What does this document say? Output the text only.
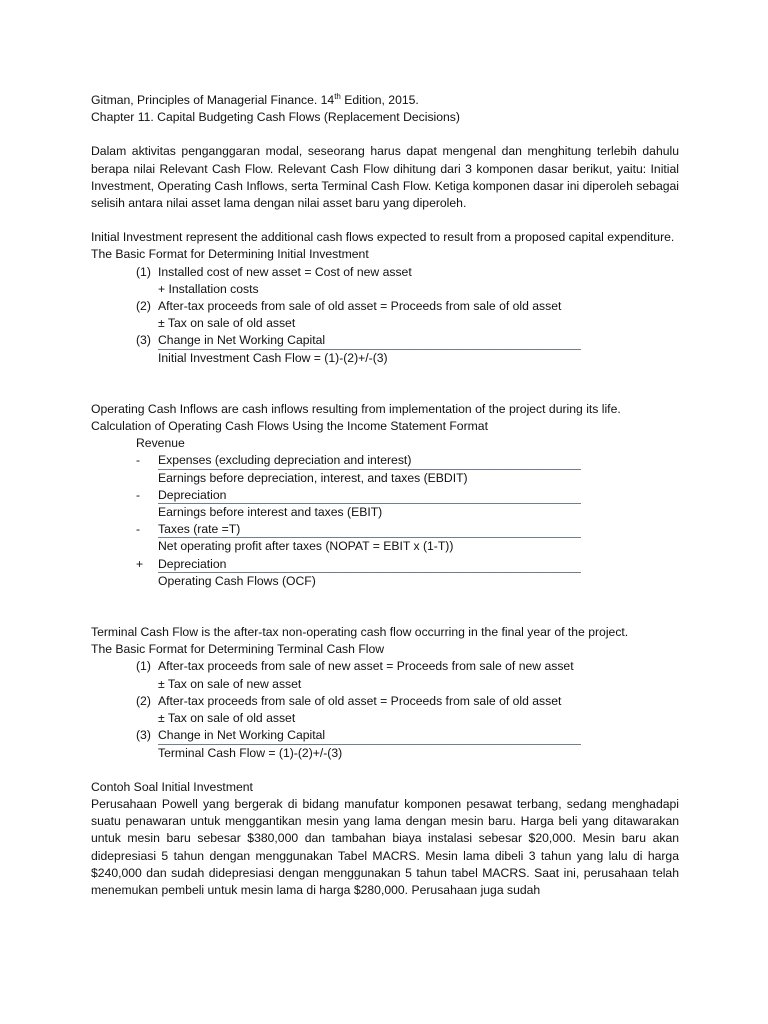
Gitman, Principles of Managerial Finance. 14th Edition, 2015.

Chapter 11. Capital Budgeting Cash Flows (Replacement Decisions)

Dalam aktivitas penganggaran modal, seseorang harus dapat mengenal dan menghitung terlebih dahulu berapa nilai Relevant Cash Flow. Relevant Cash Flow dihitung dari 3 komponen dasar berikut, yaitu: Initial Investment, Operating Cash Inflows, serta Terminal Cash Flow. Ketiga komponen dasar ini diperoleh sebagai selisih antara nilai asset lama dengan nilai asset baru yang diperoleh.

Initial Investment represent the additional cash flows expected to result from a proposed capital expenditure.

The Basic Format for Determining Initial Investment

(1) Installed cost of new asset = Cost of new asset
+ Installation costs
(2) After-tax proceeds from sale of old asset = Proceeds from sale of old asset
± Tax on sale of old asset
(3) Change in Net Working Capital
Initial Investment Cash Flow = (1)-(2)+/-(3)

Operating Cash Inflows are cash inflows resulting from implementation of the project during its life.

Calculation of Operating Cash Flows Using the Income Statement Format

Revenue
-	Expenses (excluding depreciation and interest)
Earnings before depreciation, interest, and taxes (EBDIT)
-	Depreciation
Earnings before interest and taxes (EBIT)
-	Taxes (rate =T)
Net operating profit after taxes (NOPAT = EBIT x (1-T))
+	Depreciation
Operating Cash Flows (OCF)

Terminal Cash Flow is the after-tax non-operating cash flow occurring in the final year of the project.

The Basic Format for Determining Terminal Cash Flow

(1) After-tax proceeds from sale of new asset = Proceeds from sale of new asset
± Tax on sale of new asset
(2) After-tax proceeds from sale of old asset = Proceeds from sale of old asset
± Tax on sale of old asset
(3) Change in Net Working Capital
Terminal Cash Flow = (1)-(2)+/-(3)

Contoh Soal Initial Investment

Perusahaan Powell yang bergerak di bidang manufatur komponen pesawat terbang, sedang menghadapi suatu penawaran untuk menggantikan mesin yang lama dengan mesin baru. Harga beli yang ditawarakan untuk mesin baru sebesar $380,000 dan tambahan biaya instalasi sebesar $20,000. Mesin baru akan didepresiasi 5 tahun dengan menggunakan Tabel MACRS. Mesin lama dibeli 3 tahun yang lalu di harga $240,000 dan sudah didepresiasi dengan menggunakan 5 tahun tabel MACRS. Saat ini, perusahaan telah menemukan pembeli untuk mesin lama di harga $280,000. Perusahaan juga sudah
